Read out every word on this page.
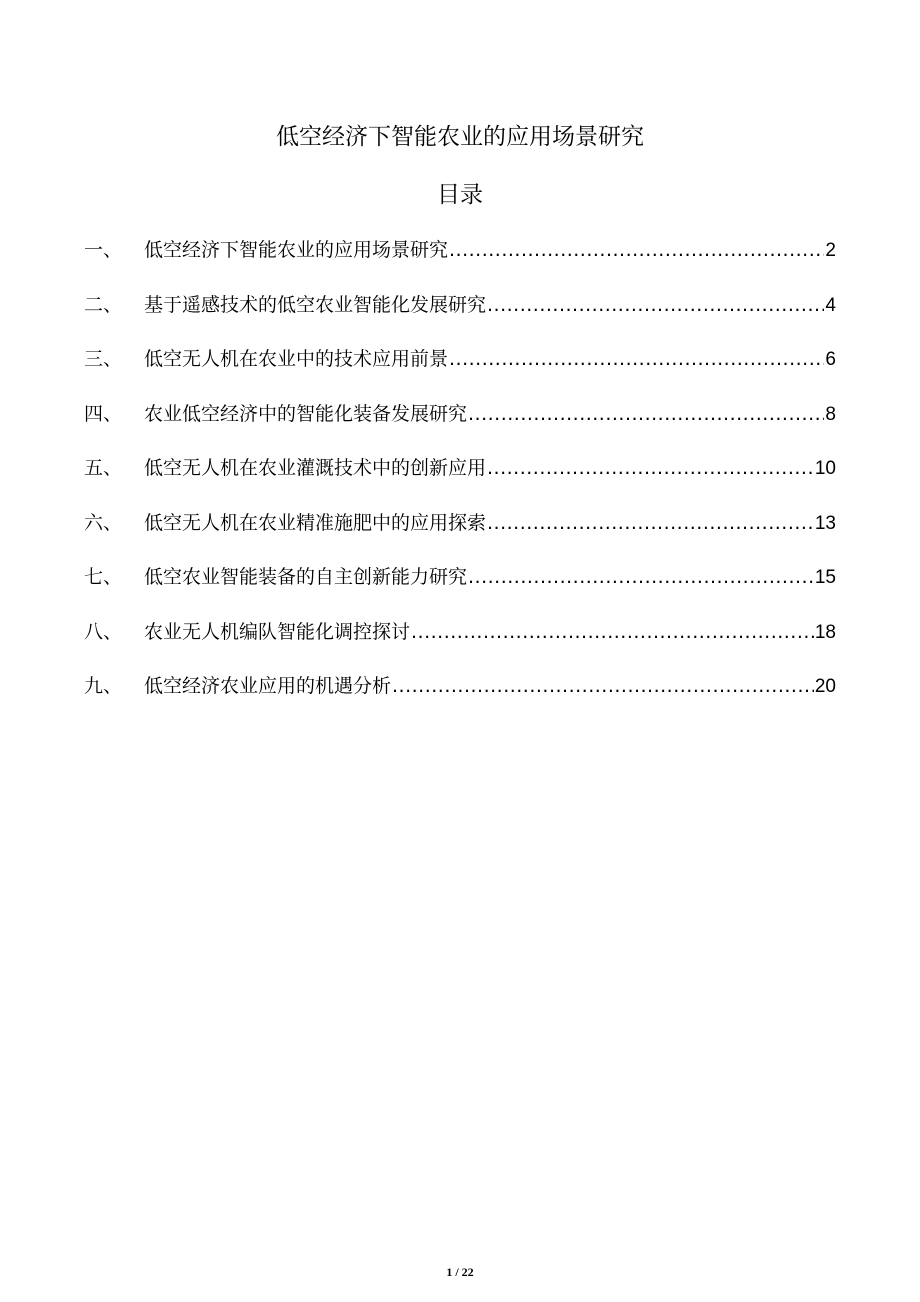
低空经济下智能农业的应用场景研究
目录
一、	低空经济下智能农业的应用场景研究 .....	2
二、	基于遥感技术的低空农业智能化发展研究 .....	4
三、	低空无人机在农业中的技术应用前景 .....	6
四、	农业低空经济中的智能化装备发展研究 .....	8
五、	低空无人机在农业灌溉技术中的创新应用 .....	10
六、	低空无人机在农业精准施肥中的应用探索 .....	13
七、	低空农业智能装备的自主创新能力研究 .....	15
八、	农业无人机编队智能化调控探讨 .....	18
九、	低空经济农业应用的机遇分析 .....	20
1 / 22
